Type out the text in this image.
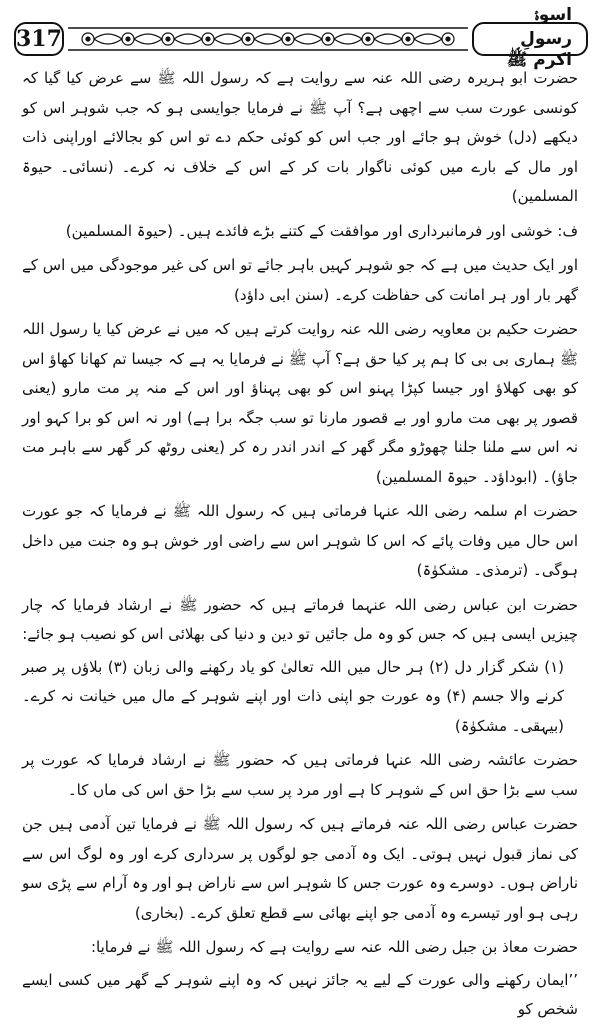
317
اسوۂ رسولِ اکرم ﷺ

حضرت ابو ہریرہ رضی اللہ عنہ سے روایت ہے کہ رسول اللہ ﷺ سے عرض کیا گیا کہ کونسی عورت سب سے اچھی ہے؟ آپ ﷺ نے فرمایا جوایسی ہو کہ جب شوہر اس کو دیکھے (دل) خوش ہو جائے اور جب اس کو کوئی حکم دے تو اس کو بجالائے اوراپنی ذات اور مال کے بارے میں کوئی ناگوار بات کر کے اس کے خلاف نہ کرے۔ (نسائی۔ حیوۃ المسلمین)

ف: خوشی اور فرمانبرداری اور موافقت کے کتنے بڑے فائدے ہیں۔ (حیوۃ المسلمین)

اور ایک حدیث میں ہے کہ جو شوہر کہیں باہر جائے تو اس کی غیر موجودگی میں اس کے گھر بار اور ہر امانت کی حفاظت کرے۔ (سنن ابی داؤد)

حضرت حکیم بن معاویہ رضی اللہ عنہ روایت کرتے ہیں کہ میں نے عرض کیا یا رسول اللہ ﷺ ہماری بی بی کا ہم پر کیا حق ہے؟ آپ ﷺ نے فرمایا یہ ہے کہ جیسا تم کھانا کھاؤ اس کو بھی کھلاؤ اور جیسا کپڑا پہنو اس کو بھی پہناؤ اور اس کے منہ پر مت مارو (یعنی قصور پر بھی مت مارو اور بے قصور مارنا تو سب جگہ برا ہے) اور نہ اس کو برا کہو اور نہ اس سے ملنا جلنا چھوڑو مگر گھر کے اندر اندر رہ کر (یعنی روٹھ کر گھر سے باہر مت جاؤ)۔ (ابوداؤد۔ حیوۃ المسلمین)

حضرت ام سلمہ رضی اللہ عنہا فرماتی ہیں کہ رسول اللہ ﷺ نے فرمایا کہ جو عورت اس حال میں وفات پائے کہ اس کا شوہر اس سے راضی اور خوش ہو وہ جنت میں داخل ہوگی۔ (ترمذی۔ مشکوٰۃ)

حضرت ابن عباس رضی اللہ عنہما فرماتے ہیں کہ حضور ﷺ نے ارشاد فرمایا کہ چار چیزیں ایسی ہیں کہ جس کو وہ مل جائیں تو دین و دنیا کی بھلائی اس کو نصیب ہو جائے:

(۱) شکر گزار دل (۲) ہر حال میں اللہ تعالیٰ کو یاد رکھنے والی زبان (۳) بلاؤں پر صبر کرنے والا جسم (۴) وہ عورت جو اپنی ذات اور اپنے شوہر کے مال میں خیانت نہ کرے۔ (بیہقی۔ مشکوٰۃ)

حضرت عائشہ رضی اللہ عنہا فرماتی ہیں کہ حضور ﷺ نے ارشاد فرمایا کہ عورت پر سب سے بڑا حق اس کے شوہر کا ہے اور مرد پر سب سے بڑا حق اس کی ماں کا۔

حضرت عباس رضی اللہ عنہ فرماتے ہیں کہ رسول اللہ ﷺ نے فرمایا تین آدمی ہیں جن کی نماز قبول نہیں ہوتی۔ ایک وہ آدمی جو لوگوں پر سرداری کرے اور وہ لوگ اس سے ناراض ہوں۔ دوسرے وہ عورت جس کا شوہر اس سے ناراض ہو اور وہ آرام سے پڑی سو رہی ہو اور تیسرے وہ آدمی جو اپنے بھائی سے قطع تعلق کرے۔ (بخاری)

حضرت معاذ بن جبل رضی اللہ عنہ سے روایت ہے کہ رسول اللہ ﷺ نے فرمایا:

’’ایمان رکھنے والی عورت کے لیے یہ جائز نہیں کہ وہ اپنے شوہر کے گھر میں کسی ایسے شخص کو
